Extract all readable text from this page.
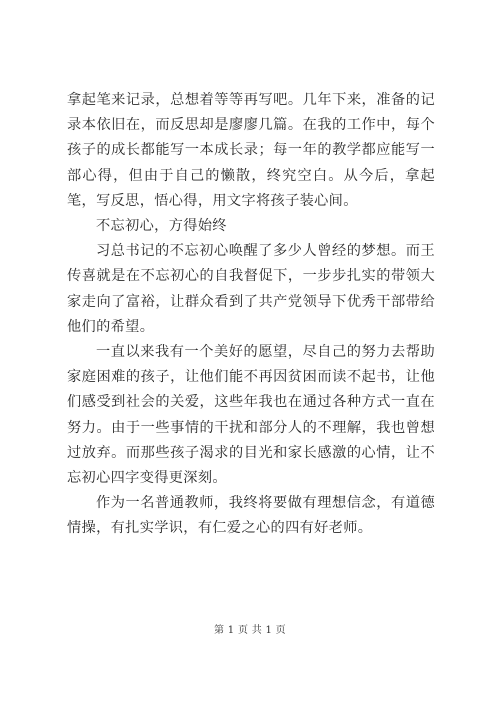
拿起笔来记录，总想着等等再写吧。几年下来，准备的记录本依旧在，而反思却是廖廖几篇。在我的工作中，每个孩子的成长都能写一本成长录；每一年的教学都应能写一部心得，但由于自己的懒散，终究空白。从今后，拿起笔，写反思，悟心得，用文字将孩子装心间。

不忘初心，方得始终

习总书记的不忘初心唤醒了多少人曾经的梦想。而王传喜就是在不忘初心的自我督促下，一步步扎实的带领大家走向了富裕，让群众看到了共产党领导下优秀干部带给他们的希望。

一直以来我有一个美好的愿望，尽自己的努力去帮助家庭困难的孩子，让他们能不再因贫困而读不起书，让他们感受到社会的关爱，这些年我也在通过各种方式一直在努力。由于一些事情的干扰和部分人的不理解，我也曾想过放弃。而那些孩子渴求的目光和家长感激的心情，让不忘初心四字变得更深刻。

作为一名普通教师，我终将要做有理想信念，有道德情操，有扎实学识，有仁爱之心的四有好老师。

第 1 页 共 1 页
